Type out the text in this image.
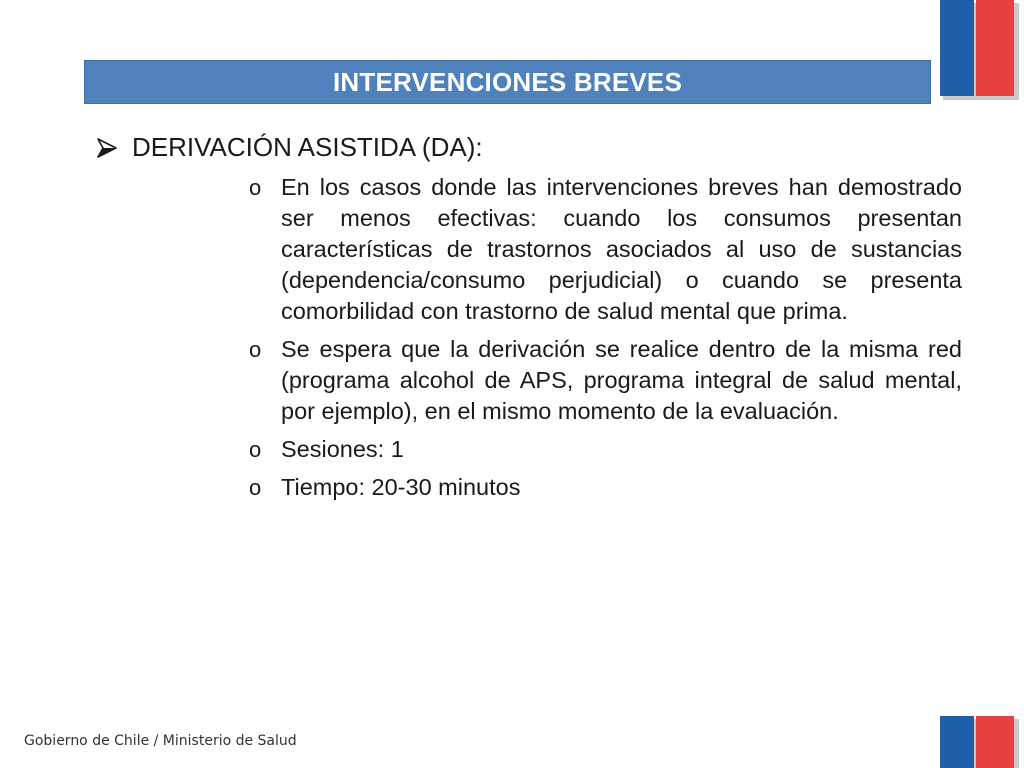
INTERVENCIONES BREVES
DERIVACIÓN ASISTIDA (DA):
o En los casos donde las intervenciones breves han demostrado ser menos efectivas: cuando los consumos presentan características de trastornos asociados al uso de sustancias (dependencia/consumo perjudicial) o cuando se presenta comorbilidad con trastorno de salud mental que prima.
o Se espera que la derivación se realice dentro de la misma red (programa alcohol de APS, programa integral de salud mental, por ejemplo), en el mismo momento de la evaluación.
o Sesiones: 1
o Tiempo: 20-30 minutos
Gobierno de Chile / Ministerio de Salud
